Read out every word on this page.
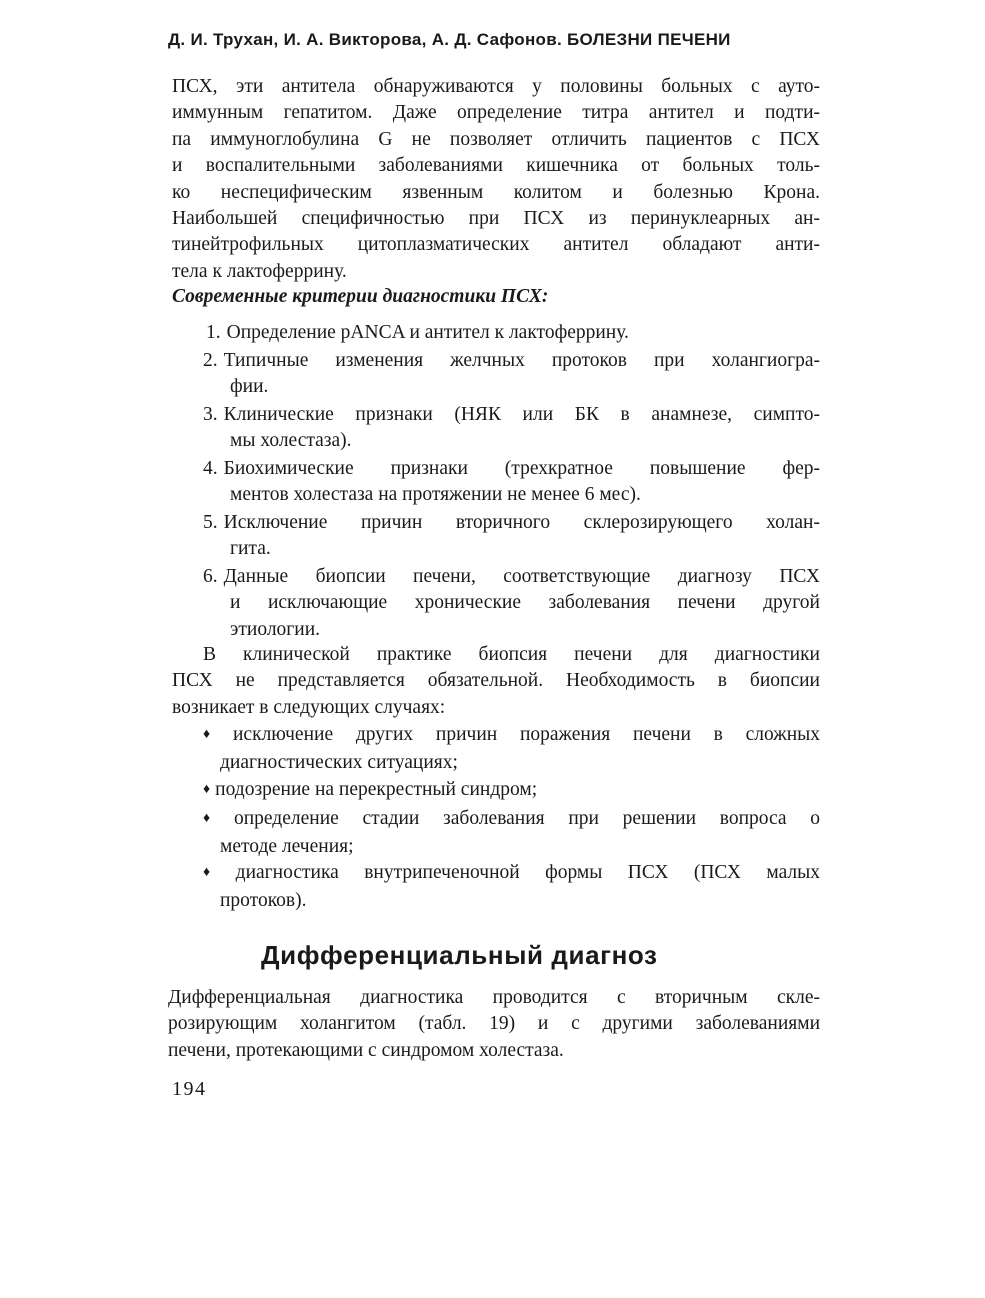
Д. И. Трухан, И. А. Викторова, А. Д. Сафонов. БОЛЕЗНИ ПЕЧЕНИ
ПСХ, эти антитела обнаруживаются у половины больных с ауто-
иммунным гепатитом. Даже определение титра антител и подти-
па иммуноглобулина G не позволяет отличить пациентов с ПСХ
и воспалительными заболеваниями кишечника от больных толь-
ко неспецифическим язвенным колитом и болезнью Крона.
Наибольшей специфичностью при ПСХ из перинуклеарных ан-
тинейтрофильных цитоплазматических антител обладают анти-
тела к лактоферрину.
Современные критерии диагностики ПСХ:
1. Определение pANCA и антител к лактоферрину.
2. Типичные изменения желчных протоков при холангиогра-
фии.
3. Клинические признаки (НЯК или БК в анамнезе, симпто-
мы холестаза).
4. Биохимические признаки (трехкратное повышение фер-
ментов холестаза на протяжении не менее 6 мес).
5. Исключение причин вторичного склерозирующего холан-
гита.
6. Данные биопсии печени, соответствующие диагнозу ПСХ
и исключающие хронические заболевания печени другой
этиологии.
В клинической практике биопсия печени для диагностики
ПСХ не представляется обязательной. Необходимость в биопсии
возникает в следующих случаях:
♦ исключение других причин поражения печени в сложных
диагностических ситуациях;
♦ подозрение на перекрестный синдром;
♦ определение стадии заболевания при решении вопроса о
методе лечения;
♦ диагностика внутрипеченочной формы ПСХ (ПСХ малых
протоков).
Дифференциальный диагноз
Дифференциальная диагностика проводится с вторичным скле-
розирующим холангитом (табл. 19) и с другими заболеваниями
печени, протекающими с синдромом холестаза.
194
